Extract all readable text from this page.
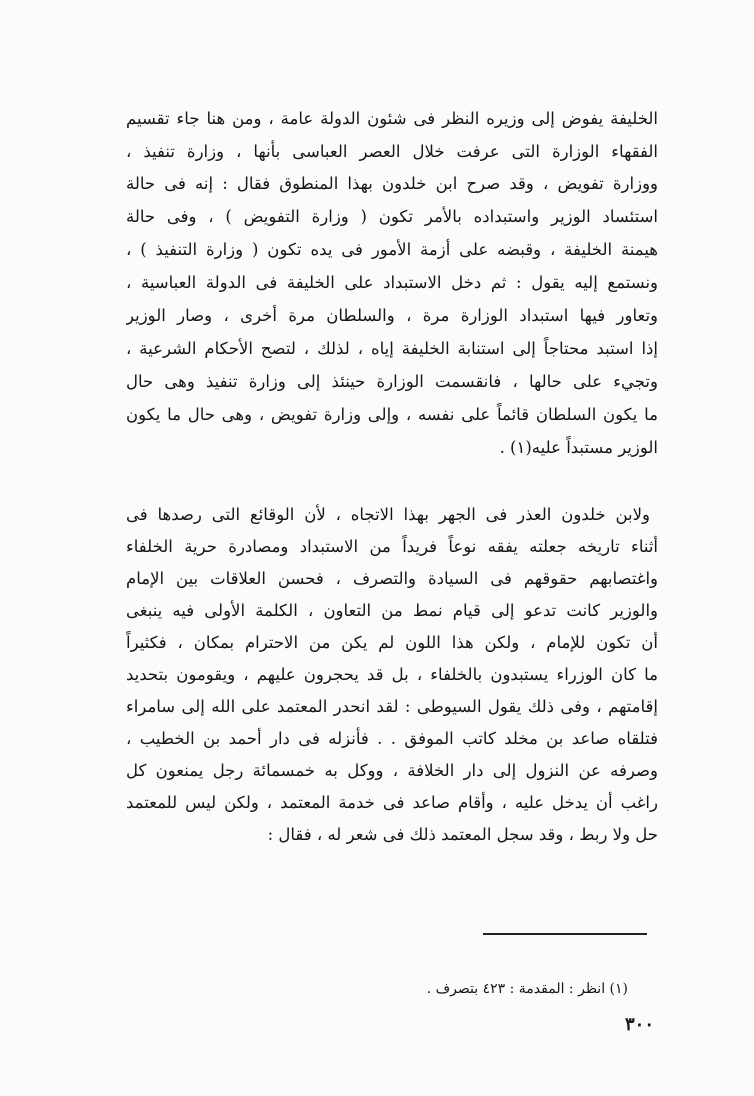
الخليفة يفوض إلى وزيره النظر فى شئون الدولة عامة ، ومن هنا جاء تقسيم
الفقهاء الوزارة التى عرفت خلال العصر العباسى بأنها ، وزارة تنفيذ ،
ووزارة تفويض ، وقد صرح ابن خلدون بهذا المنطوق فقال : إنه فى حالة
استئساد الوزير واستبداده بالأمر تكون ( وزارة التفويض ) ، وفى حالة
هيمنة الخليفة ، وقبضه على أزمة الأمور فى يده تكون ( وزارة التنفيذ ) ،
ونستمع إليه يقول : ثم دخل الاستبداد على الخليفة فى الدولة العباسية ،
وتعاور فيها استبداد الوزارة مرة ، والسلطان مرة أخرى ، وصار الوزير
إذا استبد محتاجاً إلى استنابة الخليفة إياه ، لذلك ، لتصح الأحكام الشرعية ،
وتجيء على حالها ، فانقسمت الوزارة حينئذ إلى وزارة تنفيذ وهى حال
ما يكون السلطان قائماً على نفسه ، وإلى وزارة تفويض ، وهى حال ما يكون
الوزير مستبداً عليه(١) .
ولابن خلدون العذر فى الجهر بهذا الاتجاه ، لأن الوقائع التى رصدها فى
أثناء تاريخه جعلته يفقه نوعاً فريداً من الاستبداد ومصادرة حرية الخلفاء
واغتصابهم حقوقهم فى السيادة والتصرف ، فحسن العلاقات بين الإمام
والوزير كانت تدعو إلى قيام نمط من التعاون ، الكلمة الأولى فيه ينبغى
أن تكون للإمام ، ولكن هذا اللون لم يكن من الاحترام بمكان ، فكثيراً
ما كان الوزراء يستبدون بالخلفاء ، بل قد يحجرون عليهم ، ويقومون بتحديد
إقامتهم ، وفى ذلك يقول السيوطى : لقد انحدر المعتمد على الله إلى سامراء
فتلقاه صاعد بن مخلد كاتب الموفق . . فأنزله فى دار أحمد بن الخطيب ،
وصرفه عن النزول إلى دار الخلافة ، ووكل به خمسمائة رجل يمنعون كل
راغب أن يدخل عليه ، وأقام صاعد فى خدمة المعتمد ، ولكن ليس للمعتمد
حل ولا ربط ، وقد سجل المعتمد ذلك فى شعر له ، فقال :
(١) انظر : المقدمة : ٤٢٣ بتصرف .
٣٠٠
